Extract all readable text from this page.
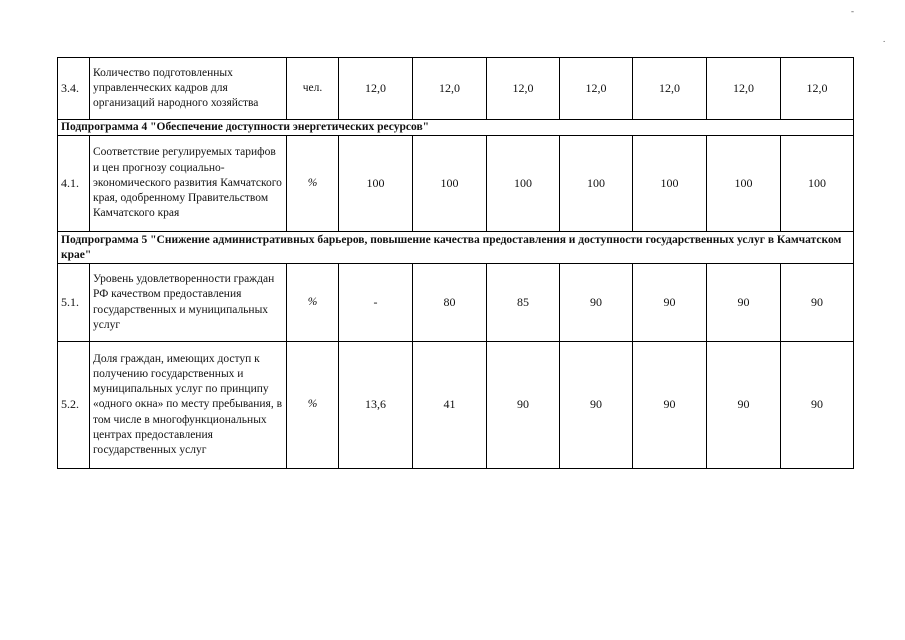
-
.
3.4.	Количество подготовленных управленческих кадров для организаций народного хозяйства	чел.	12,0	12,0	12,0	12,0	12,0	12,0	12,0
Подпрограмма 4 "Обеспечение доступности энергетических ресурсов"									
4.1.	Соответствие регулируемых тарифов и цен прогнозу социально-экономического развития Камчатского края, одобренному Правительством Камчатского края	%	100	100	100	100	100	100	100
Подпрограмма 5 "Снижение административных барьеров, повышение качества предоставления и доступности государственных услуг в Камчатском крае"									
5.1.	Уровень удовлетворенности граждан РФ качеством предоставления государственных и муниципальных услуг	%	-	80	85	90	90	90	90
5.2.	Доля граждан, имеющих доступ к получению государственных и муниципальных услуг по принципу «одного окна» по месту пребывания, в том числе в многофункциональных центрах предоставления государственных услуг	%	13,6	41	90	90	90	90	90
